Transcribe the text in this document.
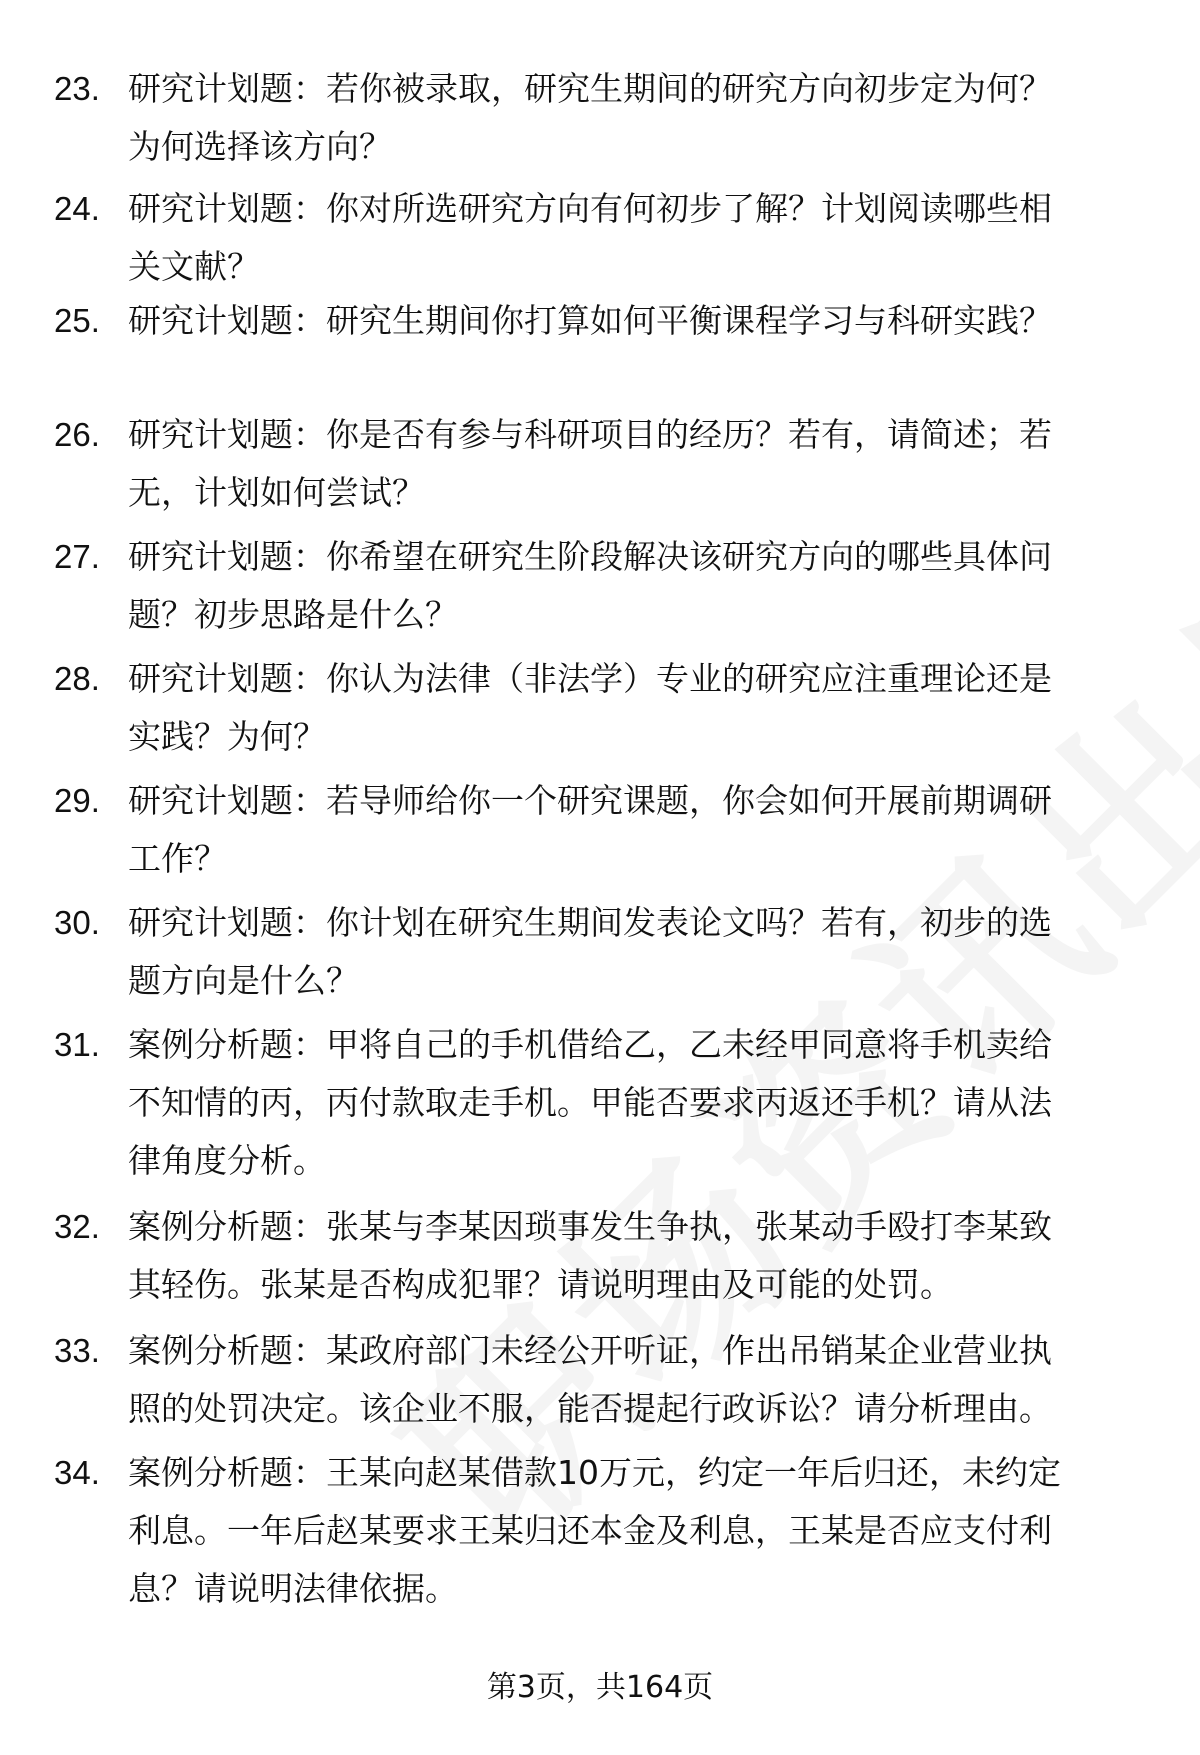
23. 研究计划题：若你被录取，研究生期间的研究方向初步定为何？
为何选择该方向？
24. 研究计划题：你对所选研究方向有何初步了解？计划阅读哪些相
关文献？
25. 研究计划题：研究生期间你打算如何平衡课程学习与科研实践？
26. 研究计划题：你是否有参与科研项目的经历？若有，请简述；若
无，计划如何尝试？
27. 研究计划题：你希望在研究生阶段解决该研究方向的哪些具体问
题？初步思路是什么？
28. 研究计划题：你认为法律（非法学）专业的研究应注重理论还是
实践？为何？
29. 研究计划题：若导师给你一个研究课题，你会如何开展前期调研
工作？
30. 研究计划题：你计划在研究生期间发表论文吗？若有，初步的选
题方向是什么？
31. 案例分析题：甲将自己的手机借给乙，乙未经甲同意将手机卖给
不知情的丙，丙付款取走手机。甲能否要求丙返还手机？请从法
律角度分析。
32. 案例分析题：张某与李某因琐事发生争执，张某动手殴打李某致
其轻伤。张某是否构成犯罪？请说明理由及可能的处罚。
33. 案例分析题：某政府部门未经公开听证，作出吊销某企业营业执
照的处罚决定。该企业不服，能否提起行政诉讼？请分析理由。
34. 案例分析题：王某向赵某借款10万元，约定一年后归还，未约定
利息。一年后赵某要求王某归还本金及利息，王某是否应支付利
息？请说明法律依据。
第3页，共164页
